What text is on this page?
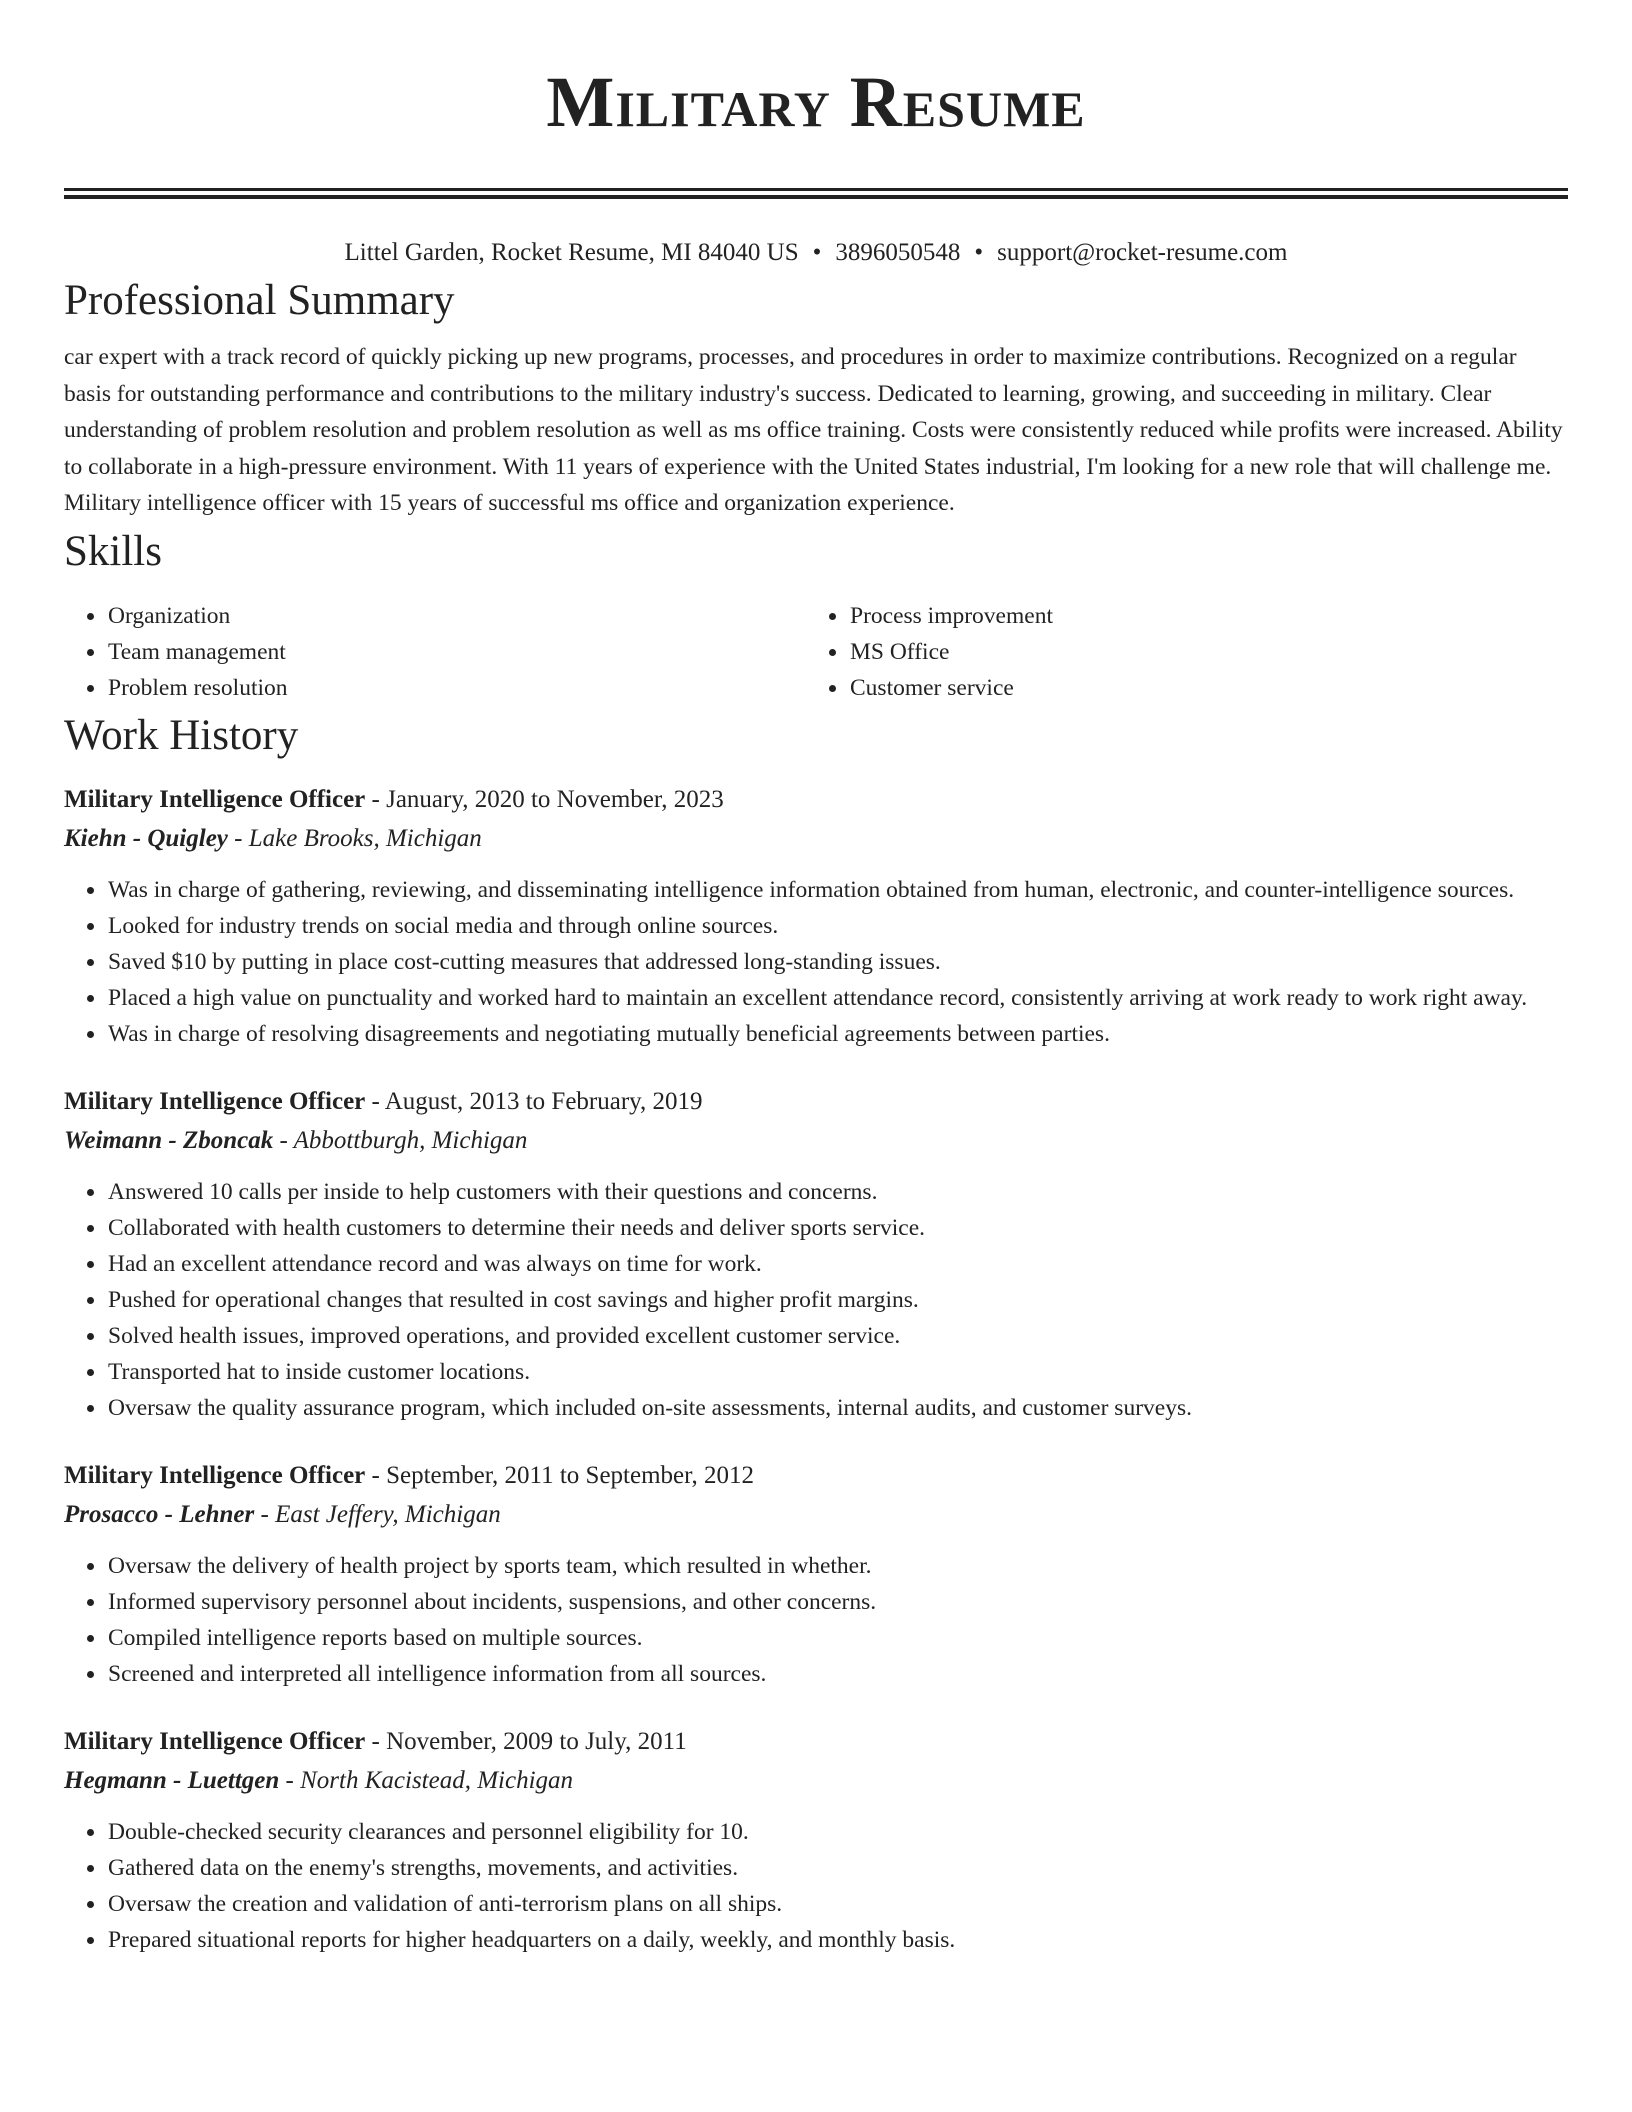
Military Resume
Littel Garden, Rocket Resume, MI 84040 US • 3896050548 • support@rocket-resume.com
Professional Summary

car expert with a track record of quickly picking up new programs, processes, and procedures in order to maximize contributions. Recognized on a regular basis for outstanding performance and contributions to the military industry's success. Dedicated to learning, growing, and succeeding in military. Clear understanding of problem resolution and problem resolution as well as ms office training. Costs were consistently reduced while profits were increased. Ability to collaborate in a high-pressure environment. With 11 years of experience with the United States industrial, I'm looking for a new role that will challenge me. Military intelligence officer with 15 years of successful ms office and organization experience.

Skills
• Organization
• Team management
• Problem resolution
• Process improvement
• MS Office
• Customer service
Work History
Military Intelligence Officer - January, 2020 to November, 2023
Kiehn - Quigley - Lake Brooks, Michigan
• Was in charge of gathering, reviewing, and disseminating intelligence information obtained from human, electronic, and counter-intelligence sources.
• Looked for industry trends on social media and through online sources.
• Saved $10 by putting in place cost-cutting measures that addressed long-standing issues.
• Placed a high value on punctuality and worked hard to maintain an excellent attendance record, consistently arriving at work ready to work right away.
• Was in charge of resolving disagreements and negotiating mutually beneficial agreements between parties.
Military Intelligence Officer - August, 2013 to February, 2019
Weimann - Zboncak - Abbottburgh, Michigan
• Answered 10 calls per inside to help customers with their questions and concerns.
• Collaborated with health customers to determine their needs and deliver sports service.
• Had an excellent attendance record and was always on time for work.
• Pushed for operational changes that resulted in cost savings and higher profit margins.
• Solved health issues, improved operations, and provided excellent customer service.
• Transported hat to inside customer locations.
• Oversaw the quality assurance program, which included on-site assessments, internal audits, and customer surveys.
Military Intelligence Officer - September, 2011 to September, 2012
Prosacco - Lehner - East Jeffery, Michigan
• Oversaw the delivery of health project by sports team, which resulted in whether.
• Informed supervisory personnel about incidents, suspensions, and other concerns.
• Compiled intelligence reports based on multiple sources.
• Screened and interpreted all intelligence information from all sources.
Military Intelligence Officer - November, 2009 to July, 2011
Hegmann - Luettgen - North Kacistead, Michigan
• Double-checked security clearances and personnel eligibility for 10.
• Gathered data on the enemy's strengths, movements, and activities.
• Oversaw the creation and validation of anti-terrorism plans on all ships.
• Prepared situational reports for higher headquarters on a daily, weekly, and monthly basis.
